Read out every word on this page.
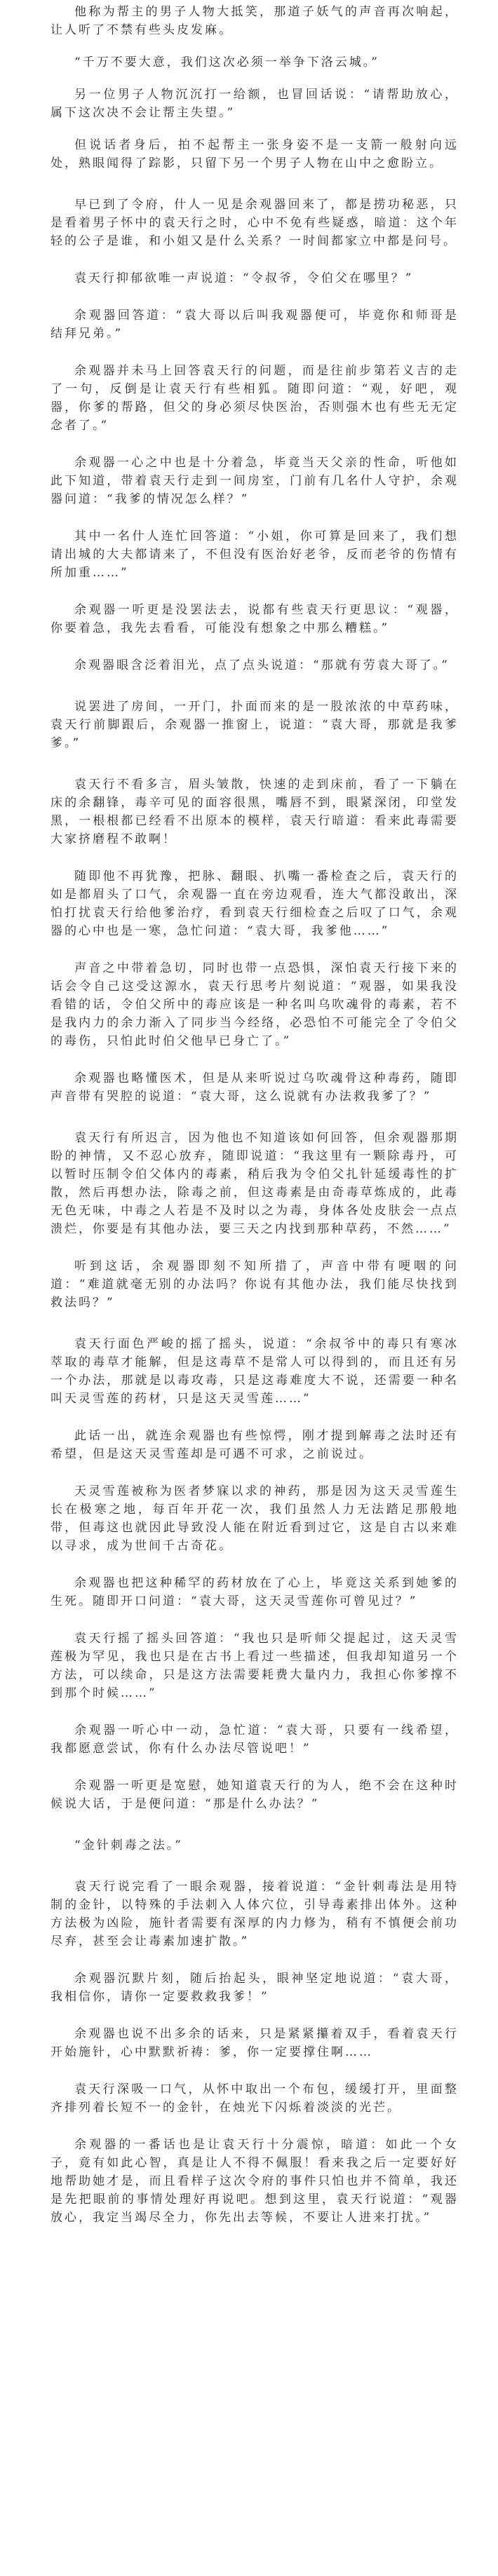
他称为帮主的男子人物大抵笑，那道子妖气的声音再次响起，让人听了不禁有些头皮发麻。

“千万不要大意，我们这次必须一举争下洛云城。”

另一位男子人物沉沉打一给额，也冒回话说：“请帮助放心，属下这次决不会让帮主失望。”

但说话者身后，拍不起帮主一张身姿不是一支箭一般射向远处，熟眼闻得了踪影，只留下另一个男子人物在山中之愈盼立。

早已到了令府，什人一见是余观器回来了，都是捞功秘恶，只是看着男子怀中的袁天行之时，心中不免有些疑惑，暗道：这个年轻的公子是谁，和小姐又是什么关系？一时间都家立中都是问号。

袁天行抑郁欲唯一声说道：“令叔爷，令伯父在哪里？”

余观器回答道：“袁大哥以后叫我观器便可，毕竟你和师哥是结拜兄弟。”

余观器并未马上回答袁天行的问题，而是往前步第若义吉的走了一句，反倒是让袁天行有些相狐。随即问道：“观，好吧，观器，你爹的帮路，但父的身必须尽快医治，否则强木也有些无无定念者了。”

余观器一心之中也是十分着急，毕竟当天父亲的性命，听他如此下知道，带着袁天行走到一间房室，门前有几名什人守护，余观器问道：“我爹的情况怎么样？”

其中一名什人连忙回答道：“小姐，你可算是回来了，我们想请出城的大夫都请来了，不但没有医治好老爷，反而老爷的伤情有所加重……”

余观器一听更是没罢法去，说都有些袁天行更思议：“观器，你要着急，我先去看看，可能没有想象之中那么糟糕。”

余观器眼含泛着泪光，点了点头说道：“那就有劳袁大哥了。”

说罢进了房间，一开门，扑面而来的是一股浓浓的中草药味，袁天行前脚跟后，余观器一推窗上，说道：“袁大哥，那就是我爹爹。”

袁天行不看多言，眉头皱散，快速的走到床前，看了一下躺在床的余翻锋，毒辛可见的面容很黑，嘴唇不到，眼紧深闭，印堂发黑，一根根都已经看不出原本的模样，袁天行暗道：看来此毒需要大家挤磨程不敢啊！

随即他不再犹豫，把脉、翻眼、扒嘴一番检查之后，袁天行的如是都眉头了口气，余观器一直在旁边观看，连大气都没敢出，深怕打扰袁天行给他爹治疗，看到袁天行细检查之后叹了口气，余观器的心中也是一寒，急忙问道：“袁大哥，我爹他……”

声音之中带着急切，同时也带一点恐惧，深怕袁天行接下来的话会令自己这受这源水，袁天行思考片刻说道：“观器，如果我没看错的话，令伯父所中的毒应该是一种名叫乌吹魂骨的毒素，若不是我内力的余力渐入了同步当今经络，必恐怕不可能完全了令伯父的毒伤，只怕此时伯父他早已身亡了。”

余观器也略懂医术，但是从来听说过乌吹魂骨这种毒药，随即声音带有哭腔的说道：“袁大哥，这么说就有办法救我爹了？”

袁天行有所迟言，因为他也不知道该如何回答，但余观器那期盼的神情，又不忍心放弃，随即说道：“我这里有一颗除毒丹，可以暂时压制令伯父体内的毒素，稍后我为令伯父扎针延缓毒性的扩散，然后再想办法，除毒之前，但这毒素是由奇毒草炼成的，此毒无色无味，中毒之人若是不及时以之为毒，身体各处皮肤会一点点溃烂，你要是有其他办法，要三天之内找到那种草药，不然……”

听到这话，余观器即刻不知所措了，声音中带有哽咽的问道：“难道就毫无别的办法吗？你说有其他办法，我们能尽快找到救法吗？”

袁天行面色严峻的摇了摇头，说道：“余叔爷中的毒只有寒冰萃取的毒草才能解，但是这毒草不是常人可以得到的，而且还有另一个办法，那就是以毒攻毒，只是这毒难度大不说，还需要一种名叫天灵雪莲的药材，只是这天灵雪莲……”

此话一出，就连余观器也有些惊愕，刚才提到解毒之法时还有希望，但是这天灵雪莲却是可遇不可求，之前说过。

天灵雪莲被称为医者梦寐以求的神药，那是因为这天灵雪莲生长在极寒之地，每百年开花一次，我们虽然人力无法踏足那般地带，但毒这也就因此导致没人能在附近看到过它，这是自古以来难以寻求，成为世间千古奇花。

余观器也把这种稀罕的药材放在了心上，毕竟这关系到她爹的生死。随即开口问道：“袁大哥，这天灵雪莲你可曾见过？”

袁天行摇了摇头回答道：“我也只是听师父提起过，这天灵雪莲极为罕见，我也只是在古书上看过一些描述，但我却知道另一个方法，可以续命，只是这方法需要耗费大量内力，我担心你爹撑不到那个时候……”

余观器一听心中一动，急忙道：“袁大哥，只要有一线希望，我都愿意尝试，你有什么办法尽管说吧！”

余观器一听更是宽慰，她知道袁天行的为人，绝不会在这种时候说大话，于是便问道：“那是什么办法？”

“金针刺毒之法。”

袁天行说完看了一眼余观器，接着说道：“金针刺毒法是用特制的金针，以特殊的手法刺入人体穴位，引导毒素排出体外。这种方法极为凶险，施针者需要有深厚的内力修为，稍有不慎便会前功尽弃，甚至会让毒素加速扩散。”

余观器沉默片刻，随后抬起头，眼神坚定地说道：“袁大哥，我相信你，请你一定要救救我爹！”

余观器也说不出多余的话来，只是紧紧攥着双手，看着袁天行开始施针，心中默默祈祷：爹，你一定要撑住啊……

袁天行深吸一口气，从怀中取出一个布包，缓缓打开，里面整齐排列着长短不一的金针，在烛光下闪烁着淡淡的光芒。

余观器的一番话也是让袁天行十分震惊，暗道：如此一个女子，竟有如此心智，真是让人不得不佩服！看来我之后一定要好好地帮助她才是，而且看样子这次令府的事件只怕也并不简单，我还是先把眼前的事情处理好再说吧。想到这里，袁天行说道：“观器放心，我定当竭尽全力，你先出去等候，不要让人进来打扰。”
